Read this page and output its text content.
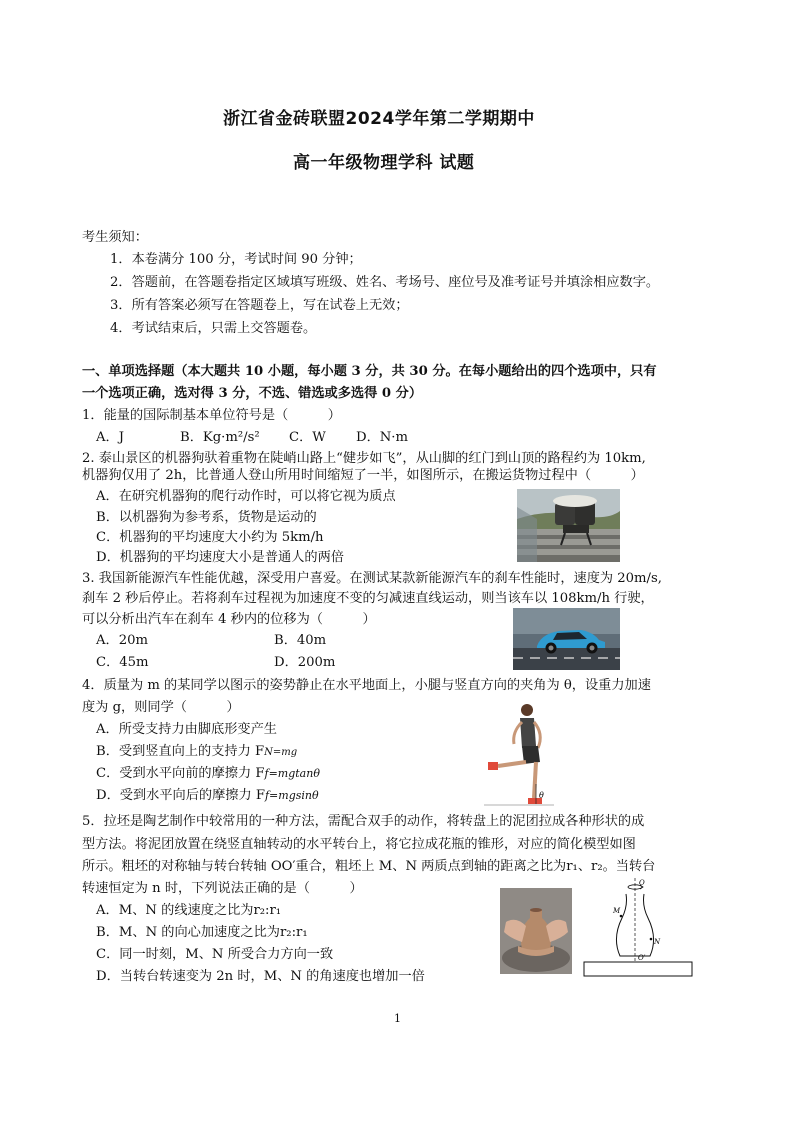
浙江省金砖联盟2024学年第二学期期中
高一年级物理学科 试题
考生须知：
1．本卷满分 100 分，考试时间 90 分钟；
2．答题前，在答题卷指定区域填写班级、姓名、考场号、座位号及准考证号并填涂相应数字。
3．所有答案必须写在答题卷上，写在试卷上无效；
4．考试结束后，只需上交答题卷。
一、单项选择题（本大题共 10 小题，每小题 3 分，共 30 分。在每小题给出的四个选项中，只有
一个选项正确，选对得 3 分，不选、错选或多选得 0 分）
1．能量的国际制基本单位符号是（　　　）
A．J	B．Kg·m²/s² C．W D．N·m
2. 泰山景区的机器狗驮着重物在陡峭山路上“健步如飞”，从山脚的红门到山顶的路程约为 10km,
机器狗仅用了 2h，比普通人登山所用时间缩短了一半，如图所示，在搬运货物过程中（　　　）
A．在研究机器狗的爬行动作时，可以将它视为质点
B．以机器狗为参考系，货物是运动的
C．机器狗的平均速度大小约为 5km/h
D．机器狗的平均速度大小是普通人的两倍
3. 我国新能源汽车性能优越，深受用户喜爱。在测试某款新能源汽车的刹车性能时，速度为 20m/s,
刹车 2 秒后停止。若将刹车过程视为加速度不变的匀减速直线运动，则当该车以 108km/h 行驶，
可以分析出汽车在刹车 4 秒内的位移为（　　　）
A．20m	B．40m
C．45m	D．200m
4．质量为 m 的某同学以图示的姿势静止在水平地面上，小腿与竖直方向的夹角为 θ，设重力加速
度为 g，则同学（　　　）
A．所受支持力由脚底形变产生
B．受到竖直向上的支持力 FN=mg
C．受到水平向前的摩擦力 Ff=mgtanθ
D．受到水平向后的摩擦力 Ff=mgsinθ	θ
5．拉坯是陶艺制作中较常用的一种方法，需配合双手的动作，将转盘上的泥团拉成各种形状的成
型方法。将泥团放置在绕竖直轴转动的水平转台上，将它拉成花瓶的锥形，对应的简化模型如图
所示。粗坯的对称轴与转台转轴 OO′重合，粗坯上 M、N 两质点到轴的距离之比为r₁、r₂。当转台
转速恒定为 n 时，下列说法正确的是（　　　）
A．M、N 的线速度之比为r₂:r₁
B．M、N 的向心加速度之比为r₂:r₁
C．同一时刻，M、N 所受合力方向一致
D．当转台转速变为 2n 时，M、N 的角速度也增加一倍
O
O′
M
N
1
